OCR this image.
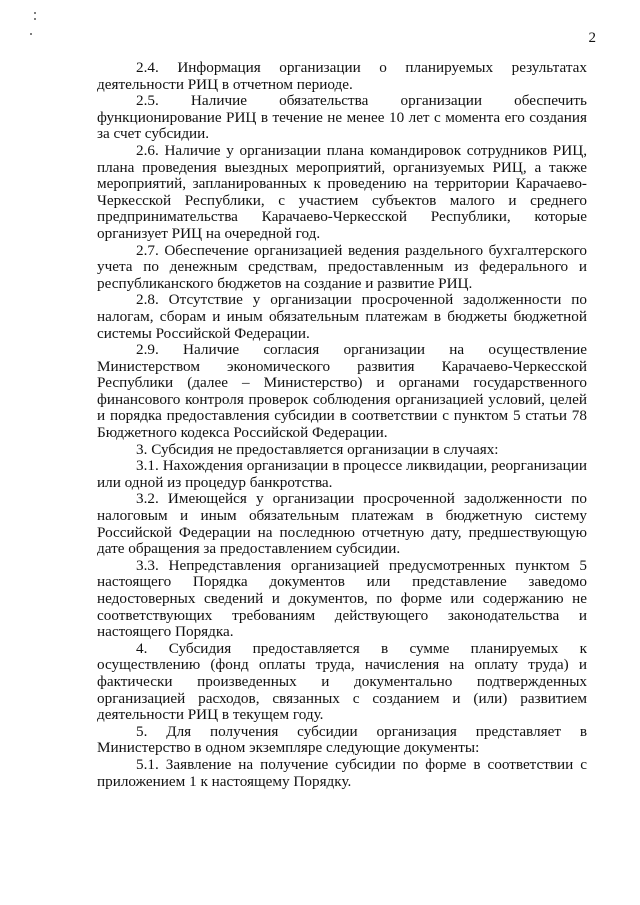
2

2.4. Информация организации о планируемых результатах деятельности РИЦ в отчетном периоде.

2.5. Наличие обязательства организации обеспечить функционирование РИЦ в течение не менее 10 лет с момента его создания за счет субсидии.

2.6. Наличие у организации плана командировок сотрудников РИЦ, плана проведения выездных мероприятий, организуемых РИЦ, а также мероприятий, запланированных к проведению на территории Карачаево-Черкесской Республики, с участием субъектов малого и среднего предпринимательства Карачаево-Черкесской Республики, которые организует РИЦ на очередной год.

2.7. Обеспечение организацией ведения раздельного бухгалтерского учета по денежным средствам, предоставленным из федерального и республиканского бюджетов на создание и развитие РИЦ.

2.8. Отсутствие у организации просроченной задолженности по налогам, сборам и иным обязательным платежам в бюджеты бюджетной системы Российской Федерации.

2.9. Наличие согласия организации на осуществление Министерством экономического развития Карачаево-Черкесской Республики (далее – Министерство) и органами государственного финансового контроля проверок соблюдения организацией условий, целей и порядка предоставления субсидии в соответствии с пунктом 5 статьи 78 Бюджетного кодекса Российской Федерации.

3. Субсидия не предоставляется организации в случаях:

3.1. Нахождения организации в процессе ликвидации, реорганизации или одной из процедур банкротства.

3.2. Имеющейся у организации просроченной задолженности по налоговым и иным обязательным платежам в бюджетную систему Российской Федерации на последнюю отчетную дату, предшествующую дате обращения за предоставлением субсидии.

3.3. Непредставления организацией предусмотренных пунктом 5 настоящего Порядка документов или представление заведомо недостоверных сведений и документов, по форме или содержанию не соответствующих требованиям действующего законодательства и настоящего Порядка.

4. Субсидия предоставляется в сумме планируемых к осуществлению (фонд оплаты труда, начисления на оплату труда) и фактически произведенных и документально подтвержденных организацией расходов, связанных с созданием и (или) развитием деятельности РИЦ в текущем году.

5. Для получения субсидии организация представляет в Министерство в одном экземпляре следующие документы:

5.1. Заявление на получение субсидии по форме в соответствии с приложением 1 к настоящему Порядку.
